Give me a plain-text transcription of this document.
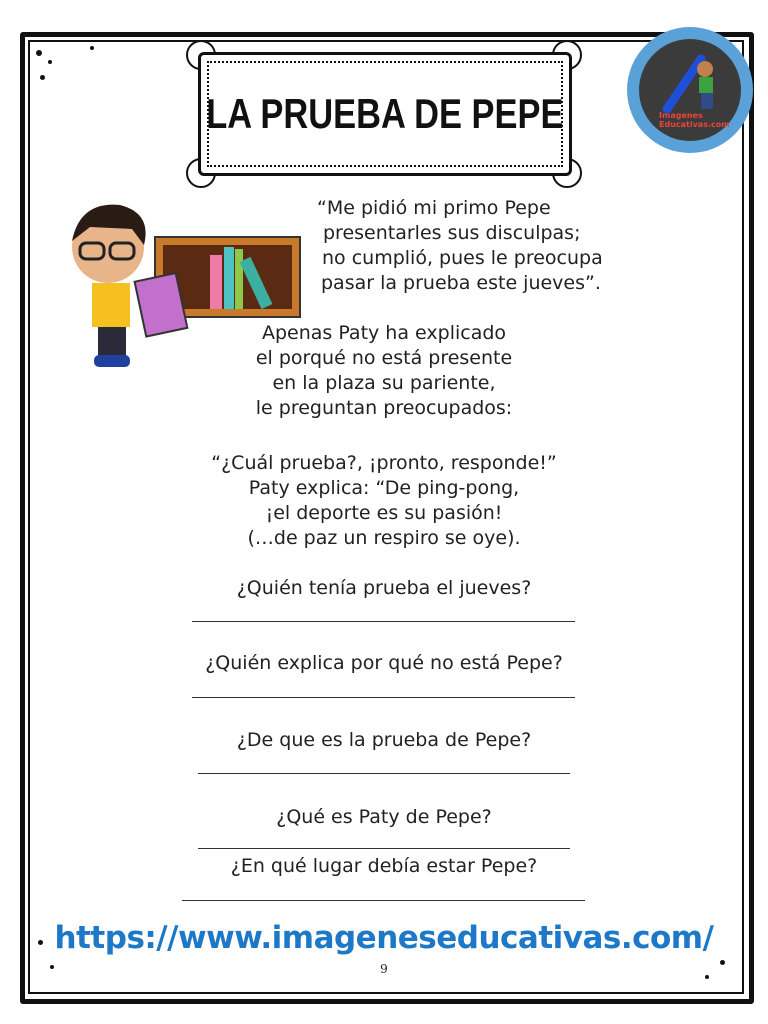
LA PRUEBA DE PEPE	Imagenes Educativas.com
“Me pidió mi primo Pepe
presentarles sus disculpas;
no cumplió, pues le preocupa
pasar la prueba este jueves”.
Apenas Paty ha explicado
el porqué no está presente
en la plaza su pariente,
le preguntan preocupados:
“¿Cuál prueba?, ¡pronto, responde!”
Paty explica: “De ping-pong,
¡el deporte es su pasión!
(…de paz un respiro se oye).
¿Quién tenía prueba el jueves?
¿Quién explica por qué no está Pepe?
¿De que es la prueba de Pepe?
¿Qué es Paty de Pepe?
¿En qué lugar debía estar Pepe?
https://www.imageneseducativas.com/
9
